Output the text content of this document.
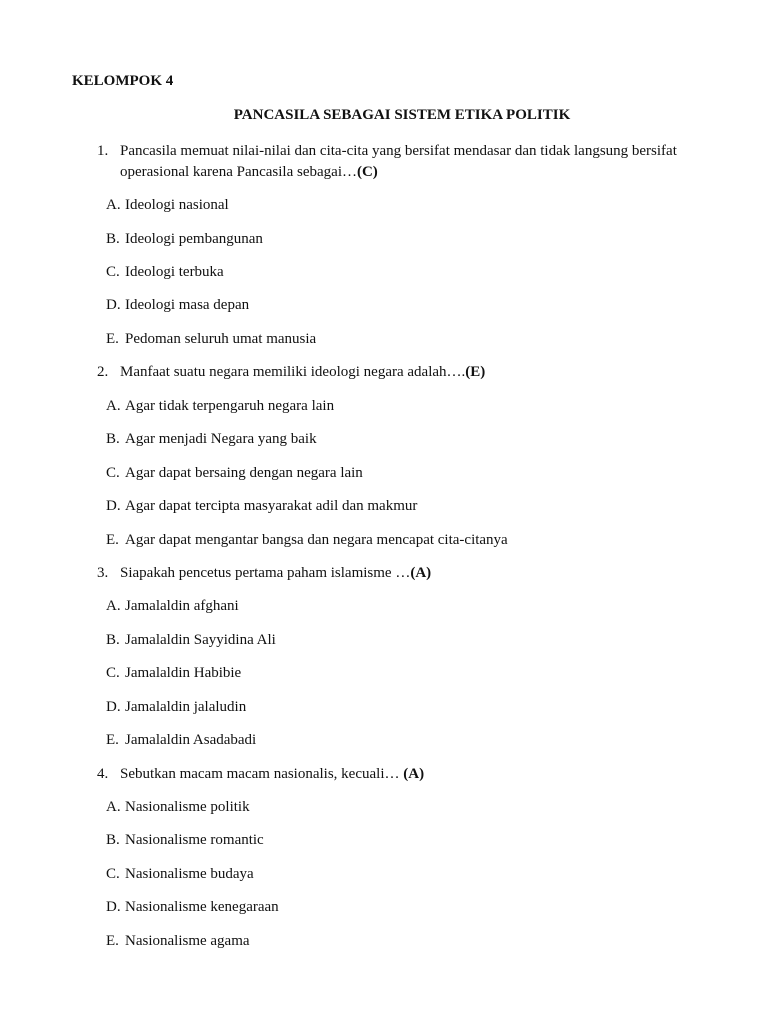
KELOMPOK 4
PANCASILA SEBAGAI SISTEM ETIKA POLITIK
1. Pancasila memuat nilai-nilai dan cita-cita yang bersifat mendasar dan tidak langsung bersifat operasional karena Pancasila sebagai…(C)
A. Ideologi nasional
B. Ideologi pembangunan
C. Ideologi terbuka
D. Ideologi masa depan
E. Pedoman seluruh umat manusia
2. Manfaat suatu negara memiliki ideologi negara adalah….(E)
A. Agar tidak terpengaruh negara lain
B. Agar menjadi Negara yang baik
C. Agar dapat bersaing dengan negara lain
D. Agar dapat tercipta masyarakat adil dan makmur
E. Agar dapat mengantar bangsa dan negara mencapat cita-citanya
3. Siapakah pencetus pertama paham islamisme …(A)
A. Jamalaldin afghani
B. Jamalaldin Sayyidina Ali
C. Jamalaldin Habibie
D. Jamalaldin jalaludin
E. Jamalaldin Asadabadi
4. Sebutkan macam macam nasionalis, kecuali… (A)
A. Nasionalisme politik
B. Nasionalisme romantic
C. Nasionalisme budaya
D. Nasionalisme kenegaraan
E. Nasionalisme agama
